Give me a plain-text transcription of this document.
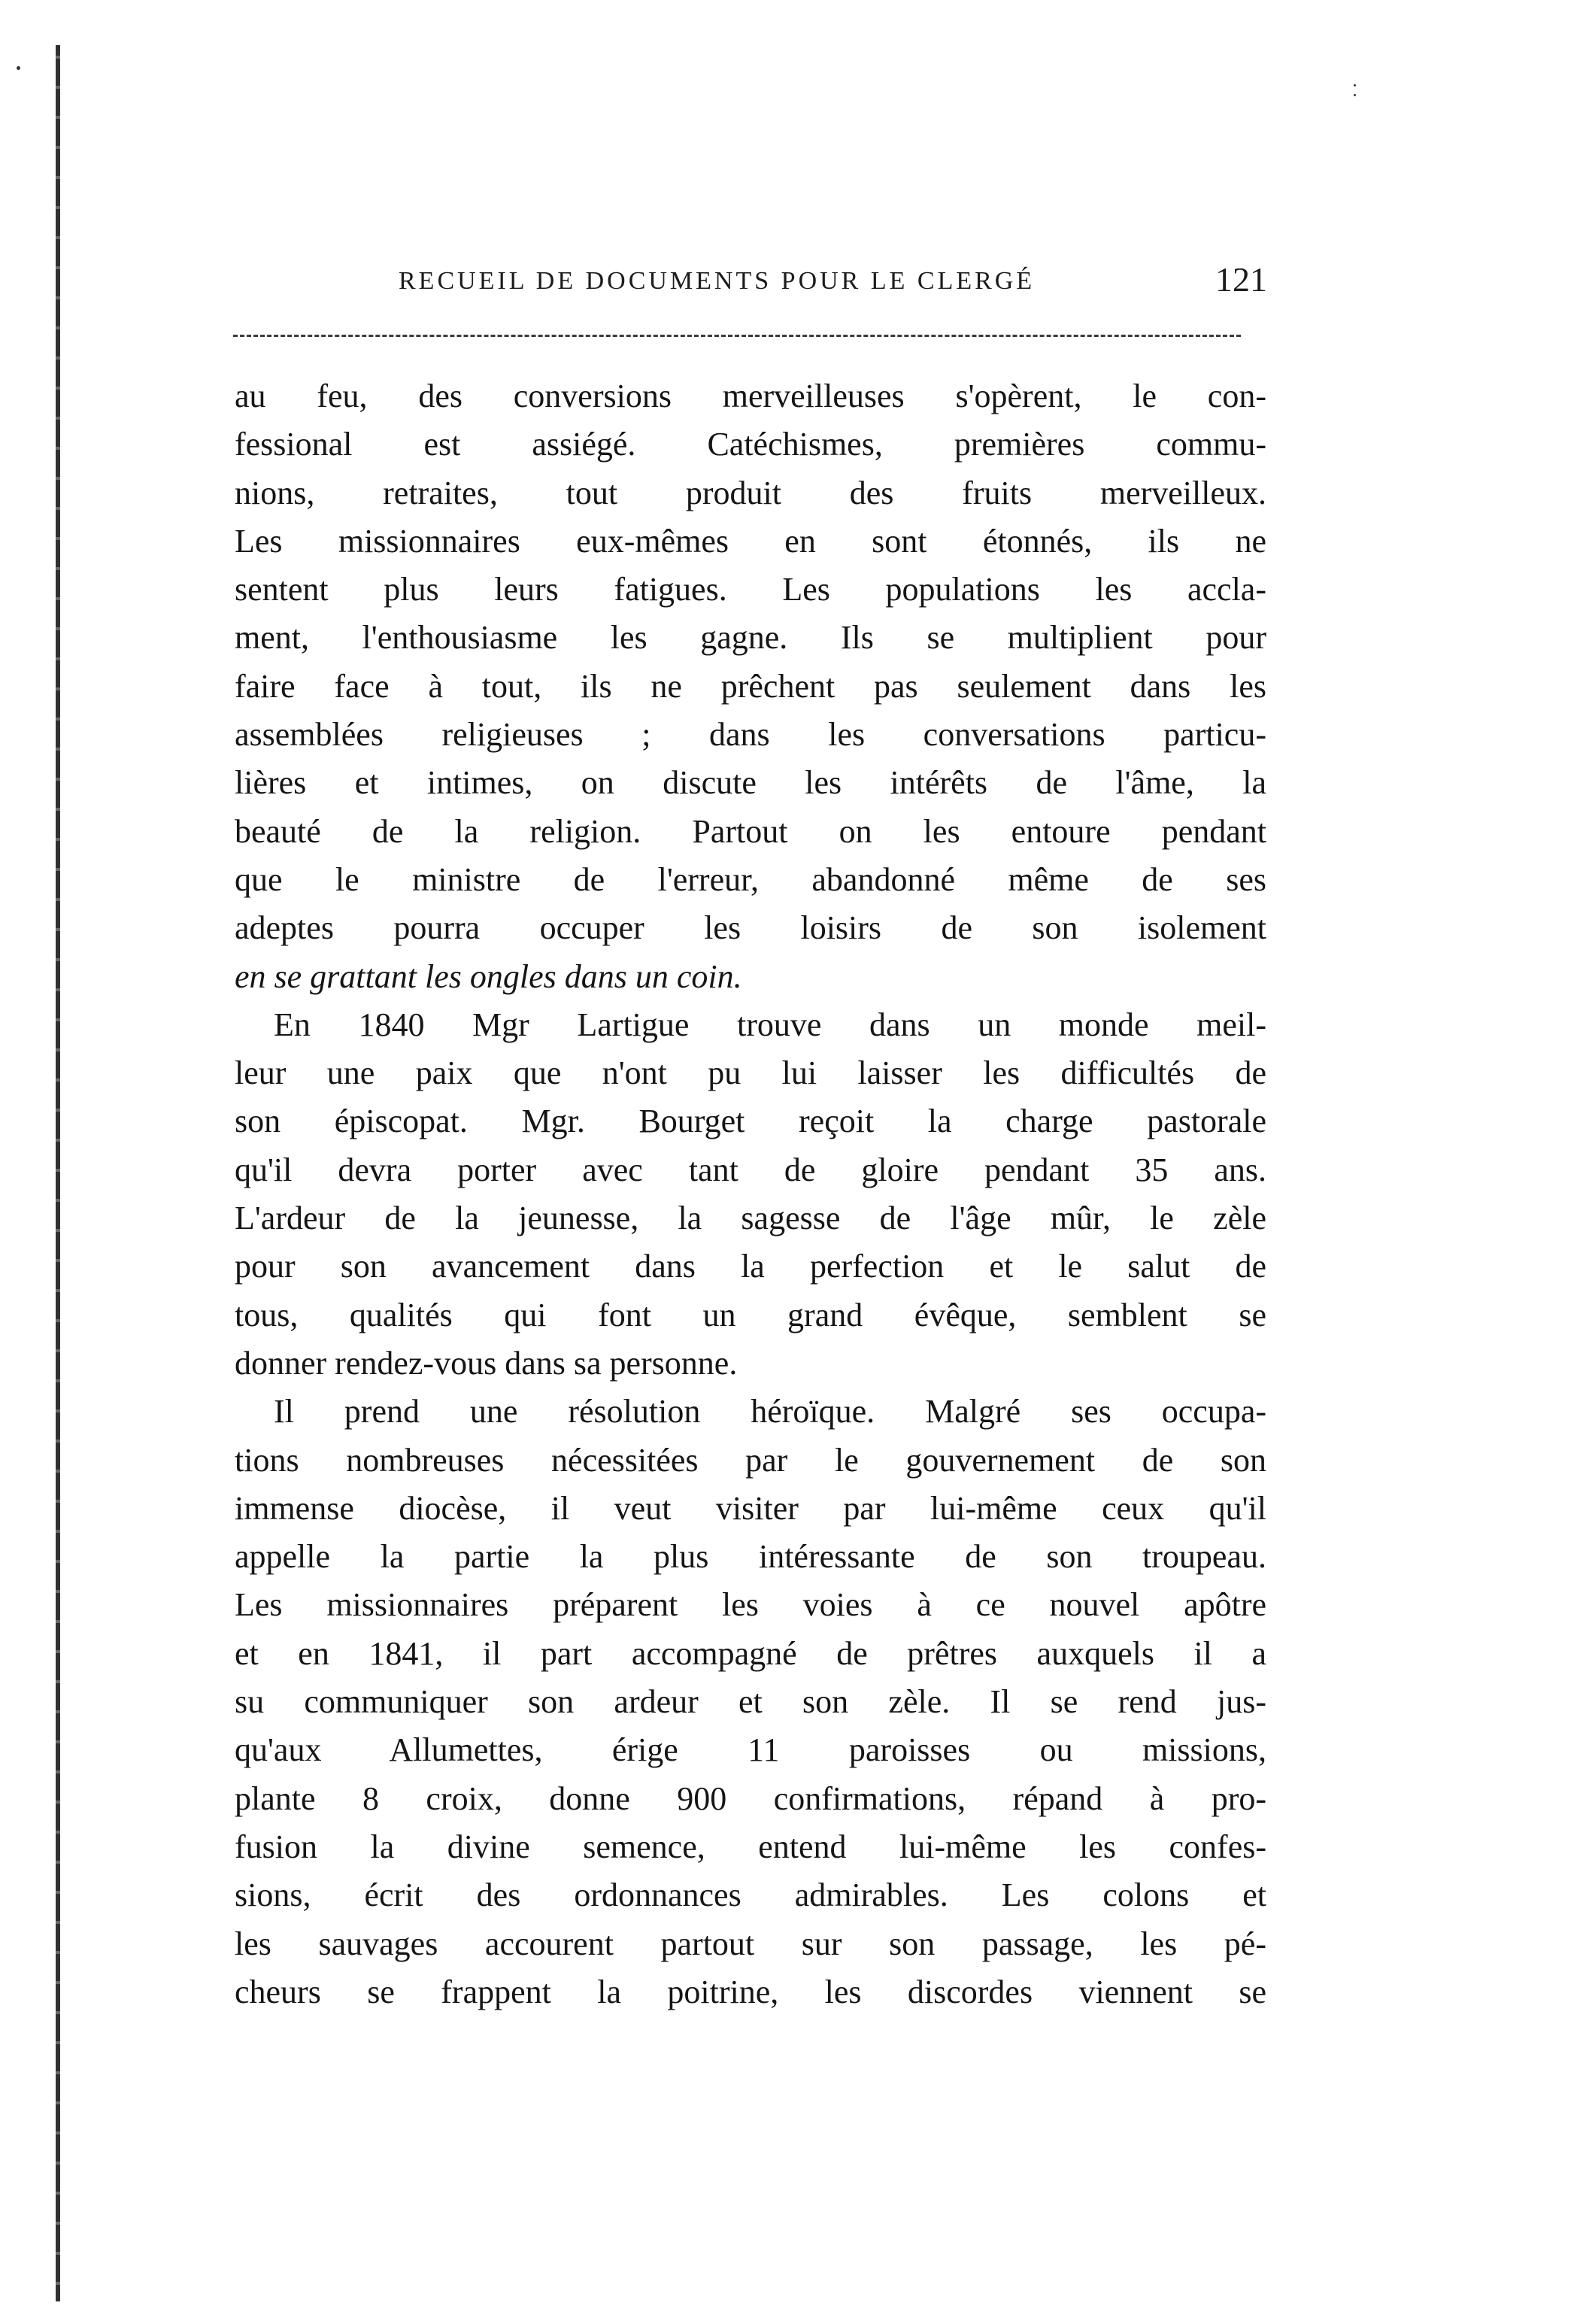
RECUEIL DE DOCUMENTS POUR LE CLERGÉ	121
au feu, des conversions merveilleuses s'opèrent, le con-
fessional est assiégé. Catéchismes, premières commu-
nions, retraites, tout produit des fruits merveilleux.
Les missionnaires eux-mêmes en sont étonnés, ils ne
sentent plus leurs fatigues. Les populations les accla-
ment, l'enthousiasme les gagne. Ils se multiplient pour
faire face à tout, ils ne prêchent pas seulement dans les
assemblées religieuses ; dans les conversations particu-
lières et intimes, on discute les intérêts de l'âme, la
beauté de la religion. Partout on les entoure pendant
que le ministre de l'erreur, abandonné même de ses
adeptes pourra occuper les loisirs de son isolement
en se grattant les ongles dans un coin.
En 1840 Mgr Lartigue trouve dans un monde meil-
leur une paix que n'ont pu lui laisser les difficultés de
son épiscopat. Mgr. Bourget reçoit la charge pastorale
qu'il devra porter avec tant de gloire pendant 35 ans.
L'ardeur de la jeunesse, la sagesse de l'âge mûr, le zèle
pour son avancement dans la perfection et le salut de
tous, qualités qui font un grand évêque, semblent se
donner rendez-vous dans sa personne.
Il prend une résolution héroïque. Malgré ses occupa-
tions nombreuses nécessitées par le gouvernement de son
immense diocèse, il veut visiter par lui-même ceux qu'il
appelle la partie la plus intéressante de son troupeau.
Les missionnaires préparent les voies à ce nouvel apôtre
et en 1841, il part accompagné de prêtres auxquels il a
su communiquer son ardeur et son zèle. Il se rend jus-
qu'aux Allumettes, érige 11 paroisses ou missions,
plante 8 croix, donne 900 confirmations, répand à pro-
fusion la divine semence, entend lui-même les confes-
sions, écrit des ordonnances admirables. Les colons et
les sauvages accourent partout sur son passage, les pé-
cheurs se frappent la poitrine, les discordes viennent se
